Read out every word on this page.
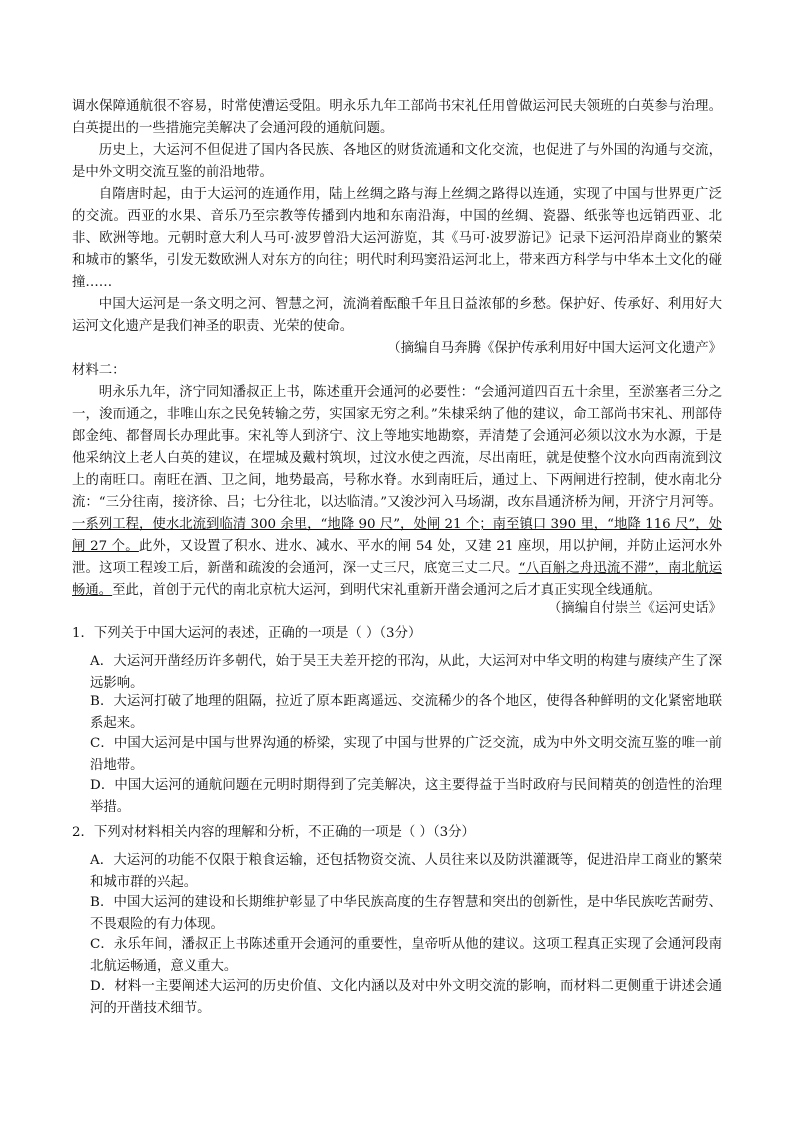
调水保障通航很不容易，时常使漕运受阻。明永乐九年工部尚书宋礼任用曾做运河民夫领班的白英参与治理。白英提出的一些措施完美解决了会通河段的通航问题。
历史上，大运河不但促进了国内各民族、各地区的财货流通和文化交流，也促进了与外国的沟通与交流，是中外文明交流互鉴的前沿地带。
自隋唐时起，由于大运河的连通作用，陆上丝绸之路与海上丝绸之路得以连通，实现了中国与世界更广泛的交流。西亚的水果、音乐乃至宗教等传播到内地和东南沿海，中国的丝绸、瓷器、纸张等也远销西亚、北非、欧洲等地。元朝时意大利人马可·波罗曾沿大运河游览，其《马可·波罗游记》记录下运河沿岸商业的繁荣和城市的繁华，引发无数欧洲人对东方的向往；明代时利玛窦沿运河北上，带来西方科学与中华本土文化的碰撞……
中国大运河是一条文明之河、智慧之河，流淌着酝酿千年且日益浓郁的乡愁。保护好、传承好、利用好大运河文化遗产是我们神圣的职责、光荣的使命。
（摘编自马奔腾《保护传承利用好中国大运河文化遗产》
材料二：
明永乐九年，济宁同知潘叔正上书，陈述重开会通河的必要性：“会通河道四百五十余里，至淤塞者三分之一，浚而通之，非唯山东之民免转输之劳，实国家无穷之利。”朱棣采纳了他的建议，命工部尚书宋礼、刑部侍郎金纯、都督周长办理此事。宋礼等人到济宁、汶上等地实地勘察，弄清楚了会通河必须以汶水为水源，于是他采纳汶上老人白英的建议，在堽城及戴村筑坝，过汶水使之西流，尽出南旺，就是使整个汶水向西南流到汶上的南旺口。南旺在酒、卫之间，地势最高，号称水脊。水到南旺后，通过上、下两闸进行控制，使水南北分流：“三分往南，接济徐、吕；七分往北，以达临清。”又浚沙河入马场湖，改东昌通济桥为闸，开济宁月河等。一系列工程，使水北流到临清 300 余里，“地降 90 尺”，处闸 21 个；南至镇口 390 里，“地降 116 尺”，处闸 27 个。此外，又设置了积水、进水、减水、平水的闸 54 处，又建 21 座坝，用以护闸，并防止运河水外泄。这项工程竣工后，新凿和疏浚的会通河，深一丈三尺，底宽三丈二尺。“八百斛之舟迅流不滞”，南北航运畅通。至此，首创于元代的南北京杭大运河，到明代宋礼重新开凿会通河之后才真正实现全线通航。
（摘编自付崇兰《运河史话》
1．下列关于中国大运河的表述，正确的一项是（ ）（3分）
A．大运河开凿经历许多朝代，始于吴王夫差开挖的邗沟，从此，大运河对中华文明的构建与赓续产生了深远影响。
B．大运河打破了地理的阻隔，拉近了原本距离遥远、交流稀少的各个地区，使得各种鲜明的文化紧密地联系起来。
C．中国大运河是中国与世界沟通的桥梁，实现了中国与世界的广泛交流，成为中外文明交流互鉴的唯一前沿地带。
D．中国大运河的通航问题在元明时期得到了完美解决，这主要得益于当时政府与民间精英的创造性的治理举措。
2．下列对材料相关内容的理解和分析，不正确的一项是（ ）（3分）
A．大运河的功能不仅限于粮食运输，还包括物资交流、人员往来以及防洪灌溉等，促进沿岸工商业的繁荣和城市群的兴起。
B．中国大运河的建设和长期维护彰显了中华民族高度的生存智慧和突出的创新性，是中华民族吃苦耐劳、不畏艰险的有力体现。
C．永乐年间，潘叔正上书陈述重开会通河的重要性，皇帝听从他的建议。这项工程真正实现了会通河段南北航运畅通，意义重大。
D．材料一主要阐述大运河的历史价值、文化内涵以及对中外文明交流的影响，而材料二更侧重于讲述会通河的开凿技术细节。
